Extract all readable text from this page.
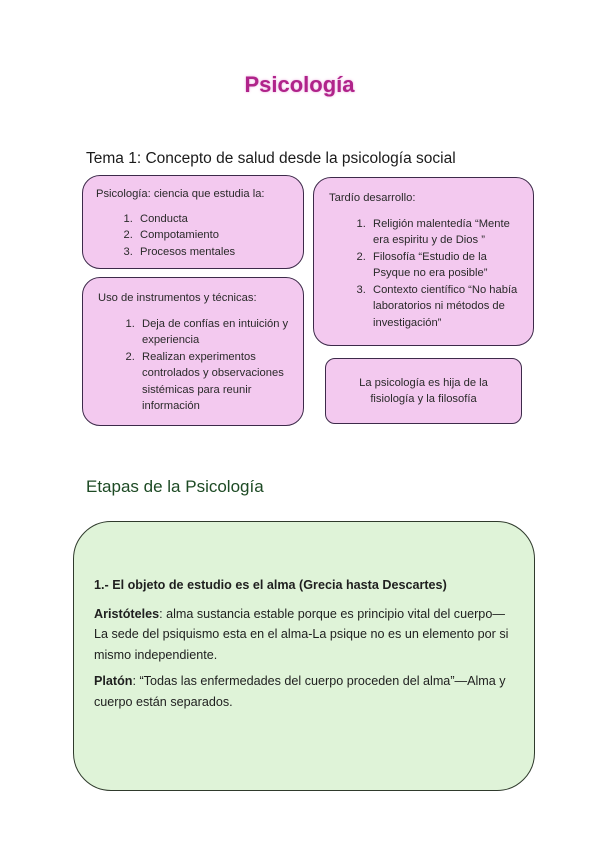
Psicología
Tema 1: Concepto de salud desde la psicología social

Psicología: ciencia que estudia la:

1. Conducta
2. Compotamiento
3. Procesos mentales

Uso de instrumentos y técnicas:

1. Deja de confías en intuición y experiencia
2. Realizan experimentos controlados y observaciones sistémicas para reunir información

Tardío desarrollo:

1. Religión malentedía “Mente era espiritu y de Dios ”
2. Filosofía “Estudio de la Psyque no era posible”
3. Contexto científico “No había laboratorios ni métodos de investigación”
La psicología es hija de la fisiología y la filosofía
Etapas de la Psicología

1.- El objeto de estudio es el alma (Grecia hasta Descartes)

Aristóteles: alma sustancia estable porque es principio vital del cuerpo—La sede del psiquismo esta en el alma-La psique no es un elemento por si mismo independiente.

Platón: “Todas las enfermedades del cuerpo proceden del alma”—Alma y cuerpo están separados.
